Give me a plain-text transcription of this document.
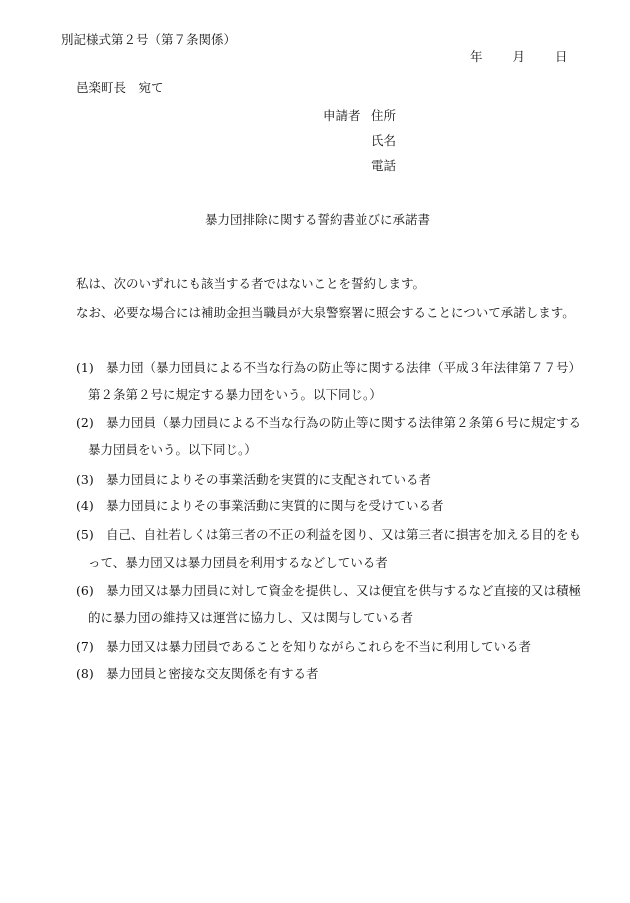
別記様式第２号（第７条関係）
年 月 日
邑楽町長　宛て
申請者 住所
氏名
電話
暴力団排除に関する誓約書並びに承諾書
私は、次のいずれにも該当する者ではないことを誓約します。
なお、必要な場合には補助金担当職員が大泉警察署に照会することについて承諾します。
(1) 暴力団（暴力団員による不当な行為の防止等に関する法律（平成３年法律第７７号）
第２条第２号に規定する暴力団をいう。以下同じ。）
(2) 暴力団員（暴力団員による不当な行為の防止等に関する法律第２条第６号に規定する
暴力団員をいう。以下同じ。）
(3) 暴力団員によりその事業活動を実質的に支配されている者
(4) 暴力団員によりその事業活動に実質的に関与を受けている者
(5) 自己、自社若しくは第三者の不正の利益を図り、又は第三者に損害を加える目的をも
って、暴力団又は暴力団員を利用するなどしている者
(6) 暴力団又は暴力団員に対して資金を提供し、又は便宜を供与するなど直接的又は積極
的に暴力団の維持又は運営に協力し、又は関与している者
(7) 暴力団又は暴力団員であることを知りながらこれらを不当に利用している者
(8) 暴力団員と密接な交友関係を有する者
